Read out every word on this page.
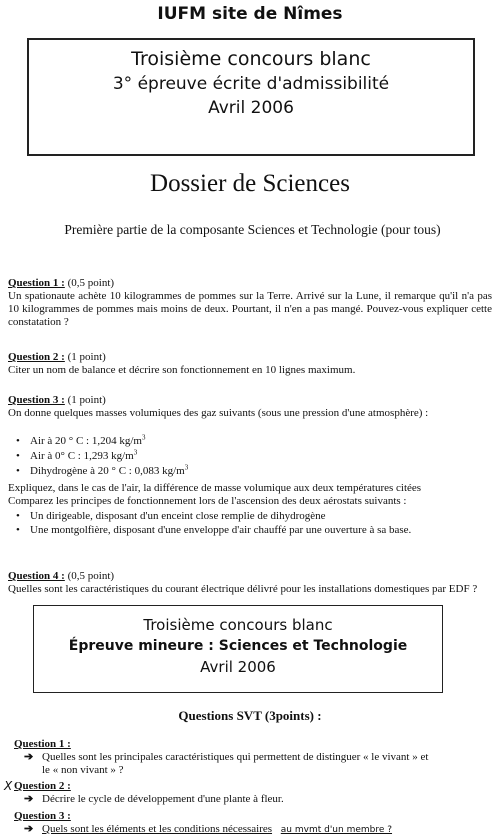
IUFM site de Nîmes
Troisième concours blanc
3° épreuve écrite d'admissibilité
Avril 2006
Dossier de Sciences
Première partie de la composante Sciences et Technologie (pour tous)
Question 1 : (0,5 point)

Un spationaute achète 10 kilogrammes de pommes sur la Terre. Arrivé sur la Lune, il remarque qu'il n'a pas 10 kilogrammes de pommes mais moins de deux. Pourtant, il n'en a pas mangé. Pouvez-vous expliquer cette constatation ?

Question 2 : (1 point)

Citer un nom de balance et décrire son fonctionnement en 10 lignes maximum.

Question 3 : (1 point)

On donne quelques masses volumiques des gaz suivants (sous une pression d'une atmosphère) :

• Air à 20 ° C : 1,204 $kg/m^3$
• Air à 0° C : 1,293 $kg/m^3$
• Dihydrogène à 20 ° C : 0,083 $kg/m^3$

Expliquez, dans le cas de l'air, la différence de masse volumique aux deux températures citées

Comparez les principes de fonctionnement lors de l'ascension des deux aérostats suivants :

• Un dirigeable, disposant d'un enceint close remplie de dihydrogène
• Une montgolfière, disposant d'une enveloppe d'air chauffé par une ouverture à sa base.
Question 4 : (0,5 point)

Quelles sont les caractéristiques du courant électrique délivré pour les installations domestiques par EDF ?

Troisième concours blanc
Épreuve mineure : Sciences et Technologie
Avril 2006
Questions SVT (3points) :
Question 1 :
➔ Quelles sont les principales caractéristiques qui permettent de distinguer « le vivant » et
le « non vivant » ?
X Question 2 :
➔ Décrire le cycle de développement d'une plante à fleur.
Question 3 :
➔ Quels sont les éléments et les conditions nécessaires au mvmt d'un membre ?
